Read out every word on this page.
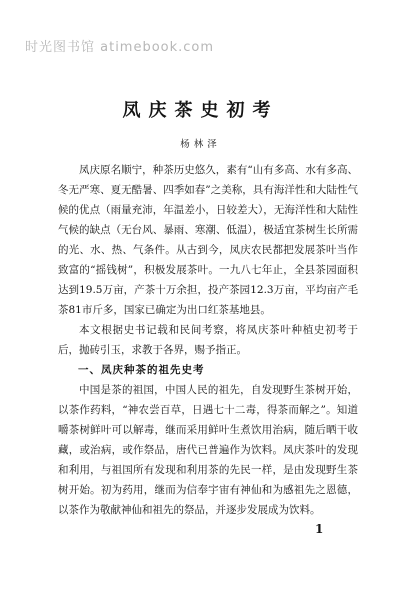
时光图书馆 atimebook.com
凤庆茶史初考
杨林泽

凤庆原名顺宁，种茶历史悠久，素有“山有多高、水有多高、冬无严寒、夏无酷暑、四季如春”之美称，具有海洋性和大陆性气候的优点（雨量充沛，年温差小，日较差大），无海洋性和大陆性气候的缺点（无台风、暴雨、寒潮、低温），极适宜茶树生长所需的光、水、热、气条件。从古到今，凤庆农民都把发展茶叶当作致富的“摇钱树”，积极发展茶叶。一九八七年止，全县茶园面积达到19.5万亩，产茶十万余担，投产茶园12.3万亩，平均亩产毛茶81市斤多，国家已确定为出口红茶基地县。

本文根据史书记载和民间考察，将凤庆茶叶种植史初考于后，抛砖引玉，求教于各界，赐予指正。

一、凤庆种茶的祖先史考

中国是茶的祖国，中国人民的祖先，自发现野生茶树开始，以茶作药料，“神农尝百草，日遇七十二毒，得茶而解之”。知道嚼茶树鲜叶可以解毒，继而采用鲜叶生煮饮用治病，随后晒干收藏，或治病，或作祭品，唐代已普遍作为饮料。凤庆茶叶的发现和利用，与祖国所有发现和利用茶的先民一样，是由发现野生茶树开始。初为药用，继而为信奉宇宙有神仙和为感祖先之恩德，以茶作为敬献神仙和祖先的祭品，并逐步发展成为饮料。

1
